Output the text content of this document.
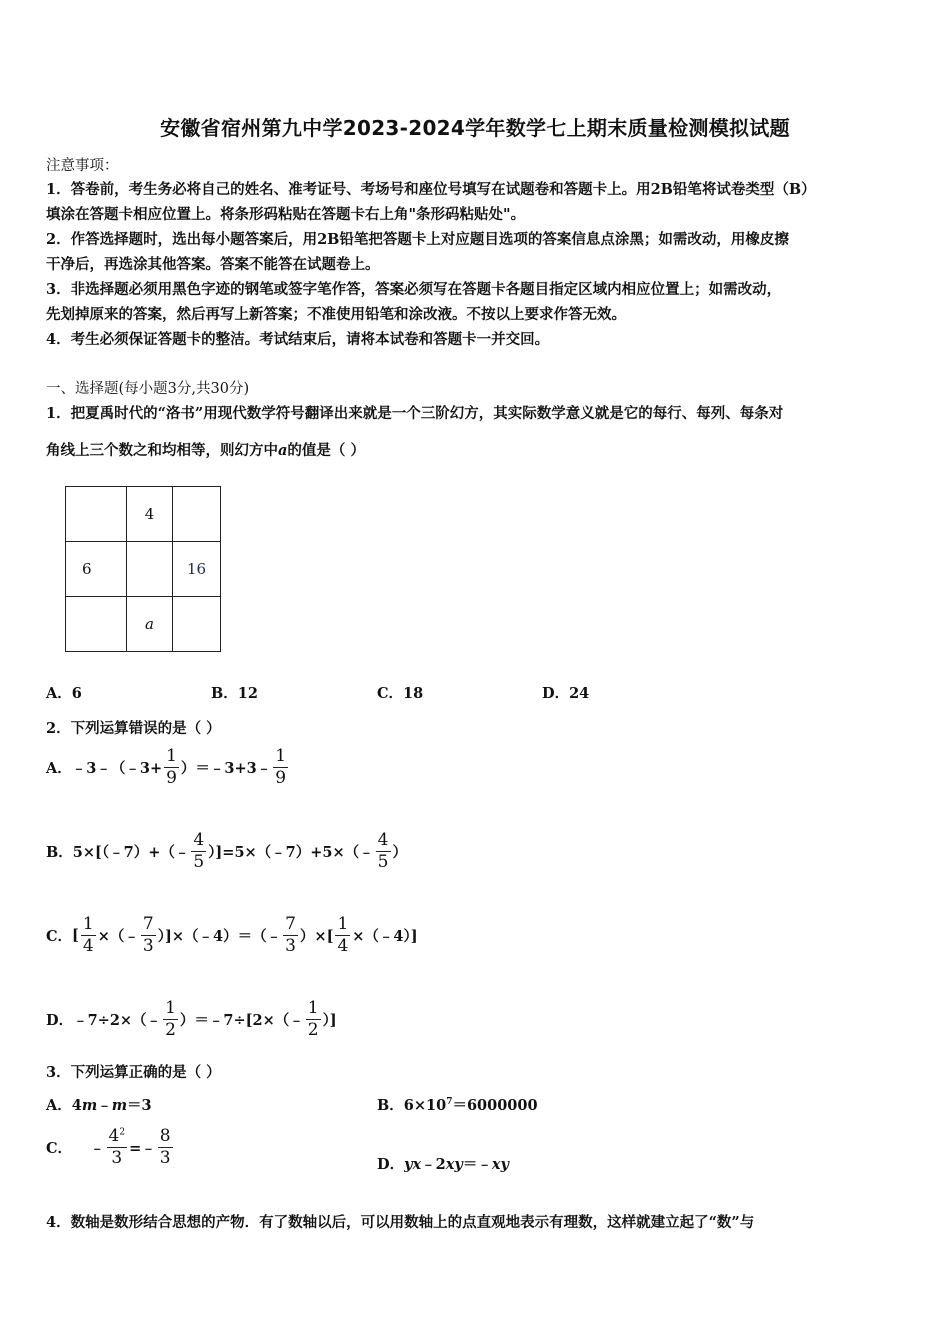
安徽省宿州第九中学2023-2024学年数学七上期末质量检测模拟试题
注意事项：
1．答卷前，考生务必将自己的姓名、准考证号、考场号和座位号填写在试题卷和答题卡上。用2B铅笔将试卷类型（B）
填涂在答题卡相应位置上。将条形码粘贴在答题卡右上角"条形码粘贴处"。
2．作答选择题时，选出每小题答案后，用2B铅笔把答题卡上对应题目选项的答案信息点涂黑；如需改动，用橡皮擦
干净后，再选涂其他答案。答案不能答在试题卷上。
3．非选择题必须用黑色字迹的钢笔或签字笔作答，答案必须写在答题卡各题目指定区域内相应位置上；如需改动，
先划掉原来的答案，然后再写上新答案；不准使用铅笔和涂改液。不按以上要求作答无效。
4．考生必须保证答题卡的整洁。考试结束后，请将本试卷和答题卡一并交回。
一、选择题(每小题3分,共30分)
1．把夏禹时代的“洛书”用现代数学符号翻译出来就是一个三阶幻方，其实际数学意义就是它的每行、每列、每条对
角线上三个数之和均相等，则幻方中a的值是（ ）
	4	
6		16
	a	
A．6	B．12	C．18	D．24
2．下列运算错误的是（ ）
A． ﹣3﹣（﹣3+ $\frac{1}{9}$ ）＝﹣3+3﹣ $\frac{1}{9}$
B． 5×[（﹣7）+（﹣ $\frac{4}{5}$ ）]=5×（﹣7）+5×（﹣ $\frac{4}{5}$ ）
C． [ $\frac{1}{4}$ ×（﹣ $\frac{7}{3}$ ）]×（﹣4）＝（﹣ $\frac{7}{3}$ ）×[ $\frac{1}{4}$ ×（﹣4）]
D． ﹣7÷2×（﹣ $\frac{1}{2}$ ）＝﹣7÷[2×（﹣ $\frac{1}{2}$ ）]
3．下列运算正确的是（ ）
A．4m﹣m＝3	B．$6\times 10^7=6000000$
C． ﹣ $\frac{4^2}{3}$ =﹣ $\frac{8}{3}$	D．yx﹣2xy＝﹣xy
4．数轴是数形结合思想的产物．有了数轴以后，可以用数轴上的点直观地表示有理数，这样就建立起了“数”与
